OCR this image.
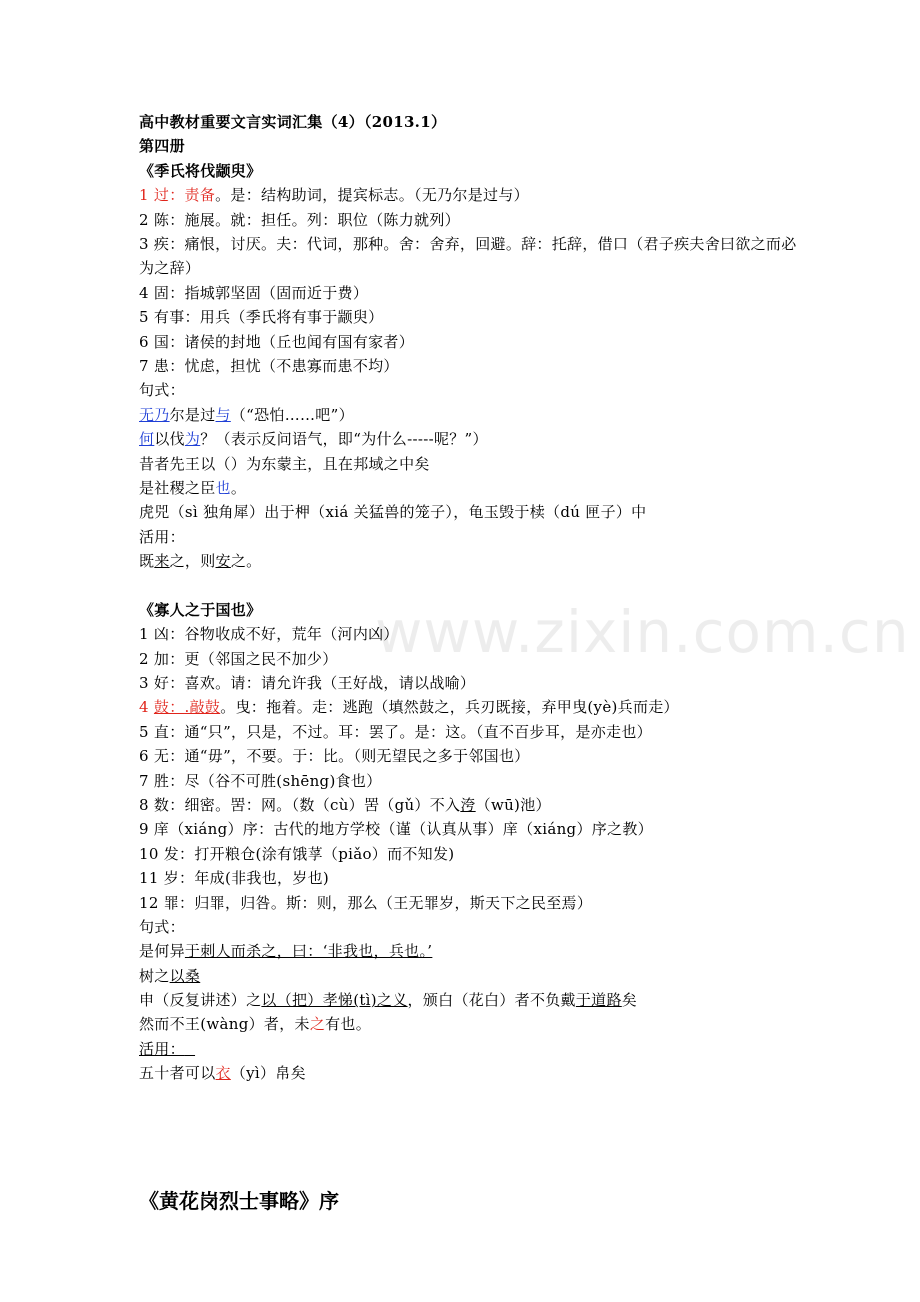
www.zixin.com.cn
高中教材重要文言实词汇集（4）（2013.1）
第四册
《季氏将伐颛臾》
1 过：责备。是：结构助词，提宾标志。（无乃尔是过与）
2 陈：施展。就：担任。列：职位（陈力就列）
3 疾：痛恨，讨厌。夫：代词，那种。舍：舍弃，回避。辞：托辞，借口（君子疾夫舍曰欲之而必为之辞）
4 固：指城郭坚固（固而近于费）
5 有事：用兵（季氏将有事于颛臾）
6 国：诸侯的封地（丘也闻有国有家者）
7 患：忧虑，担忧（不患寡而患不均）
句式：
无乃尔是过与（“恐怕……吧”）
何以伐为？（表示反问语气，即“为什么-----呢？”）
昔者先王以（）为东蒙主，且在邦域之中矣
是社稷之臣也。
虎兕（sì 独角犀）出于柙（xiá 关猛兽的笼子），龟玉毁于椟（dú 匣子）中
活用：
既来之，则安之。
《寡人之于国也》
1 凶：谷物收成不好，荒年（河内凶）
2 加：更（邻国之民不加少）
3 好：喜欢。请：请允许我（王好战，请以战喻）
4 鼓：.敲鼓。曳：拖着。走：逃跑（填然鼓之，兵刃既接，弃甲曳(yè)兵而走）
5 直：通“只”，只是，不过。耳：罢了。是：这。（直不百步耳，是亦走也）
6 无：通“毋”，不要。于：比。（则无望民之多于邻国也）
7 胜：尽（谷不可胜(shēng)食也）
8 数：细密。罟：网。（数（cù）罟（gǔ）不入洿（wū)池）
9 庠（xiáng）序：古代的地方学校（谨（认真从事）庠（xiáng）序之教）
10 发：打开粮仓(涂有饿莩（piǎo）而不知发)
11 岁：年成(非我也，岁也)
12 罪：归罪，归咎。斯：则，那么（王无罪岁，斯天下之民至焉）
句式：
是何异于刺人而杀之，曰：‘非我也，兵也。’
树之以桑
申（反复讲述）之以（把）孝悌(tì)之义，颁白（花白）者不负戴于道路矣
然而不王(wàng）者，未之有也。
活用：
五十者可以衣（yì）帛矣
《黄花岗烈士事略》序
